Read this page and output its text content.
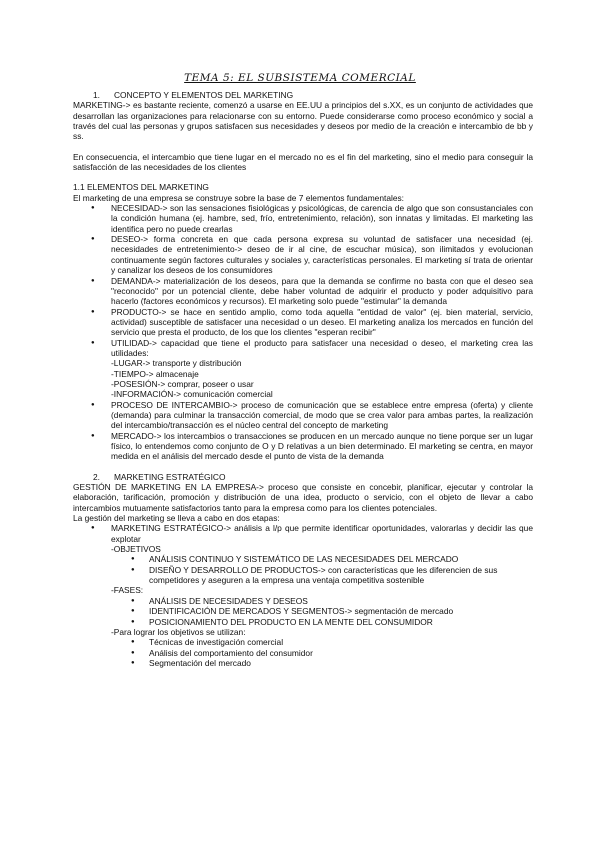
TEMA 5: EL SUBSISTEMA COMERCIAL
1.      CONCEPTO Y ELEMENTOS DEL MARKETING

MARKETING-> es bastante reciente, comenzó a usarse en EE.UU a principios del s.XX, es un conjunto de actividades que desarrollan las organizaciones para relacionarse con su entorno. Puede considerarse como proceso económico y social a través del cual las personas y grupos satisfacen sus necesidades y deseos por medio de la creación e intercambio de bb y ss.

En consecuencia, el intercambio que tiene lugar en el mercado no es el fin del marketing, sino el medio para conseguir la satisfacción de las necesidades de los clientes

1.1 ELEMENTOS DEL MARKETING
El marketing de una empresa se construye sobre la base de 7 elementos fundamentales:
● NECESIDAD-> son las sensaciones fisiológicas y psicológicas, de carencia de algo que son consustanciales con la condición humana (ej. hambre, sed, frío, entretenimiento, relación), son innatas y limitadas. El marketing las identifica pero no puede crearlas
● DESEO-> forma concreta en que cada persona expresa su voluntad de satisfacer una necesidad (ej. necesidades de entretenimiento-> deseo de ir al cine, de escuchar música), son ilimitados y evolucionan continuamente según factores culturales y sociales y, características personales. El marketing sí trata de orientar y canalizar los deseos de los consumidores
● DEMANDA-> materialización de los deseos, para que la demanda se confirme no basta con que el deseo sea "reconocido" por un potencial cliente, debe haber voluntad de adquirir el producto y poder adquisitivo para hacerlo (factores económicos y recursos). El marketing solo puede "estimular" la demanda
● PRODUCTO-> se hace en sentido amplio, como toda aquella "entidad de valor" (ej. bien material, servicio, actividad) susceptible de satisfacer una necesidad o un deseo. El marketing analiza los mercados en función del servicio que presta el producto, de los que los clientes "esperan recibir"
● UTILIDAD-> capacidad que tiene el producto para satisfacer una necesidad o deseo, el marketing crea las utilidades:
-LUGAR-> transporte y distribución
-TIEMPO-> almacenaje
-POSESIÓN-> comprar, poseer o usar
-INFORMACIÓN-> comunicación comercial
● PROCESO DE INTERCAMBIO-> proceso de comunicación que se establece entre empresa (oferta) y cliente (demanda) para culminar la transacción comercial, de modo que se crea valor para ambas partes, la realización del intercambio/transacción es el núcleo central del concepto de marketing
● MERCADO-> los intercambios o transacciones se producen en un mercado aunque no tiene porque ser un lugar físico, lo entendemos como conjunto de O y D relativas a un bien determinado. El marketing se centra, en mayor medida en el análisis del mercado desde el punto de vista de la demanda
2.      MARKETING ESTRATÉGICO

GESTIÓN DE MARKETING EN LA EMPRESA-> proceso que consiste en concebir, planificar, ejecutar y controlar la elaboración, tarificación, promoción y distribución de una idea, producto o servicio, con el objeto de llevar a cabo intercambios mutuamente satisfactorios tanto para la empresa como para los clientes potenciales.

La gestión del marketing se lleva a cabo en dos etapas:
● MARKETING ESTRATÉGICO-> análisis a l/p que permite identificar oportunidades, valorarlas y decidir las que explotar
-OBJETIVOS
● ANÁLISIS CONTINUO Y SISTEMÁTICO DE LAS NECESIDADES DEL MERCADO
● DISEÑO Y DESARROLLO DE PRODUCTOS-> con características que les diferencien de sus competidores y aseguren a la empresa una ventaja competitiva sostenible
-FASES:
● ANÁLISIS DE NECESIDADES Y DESEOS
● IDENTIFICACIÓN DE MERCADOS Y SEGMENTOS-> segmentación de mercado
● POSICIONAMIENTO DEL PRODUCTO EN LA MENTE DEL CONSUMIDOR
-Para lograr los objetivos se utilizan:
● Técnicas de investigación comercial
● Análisis del comportamiento del consumidor
● Segmentación del mercado
